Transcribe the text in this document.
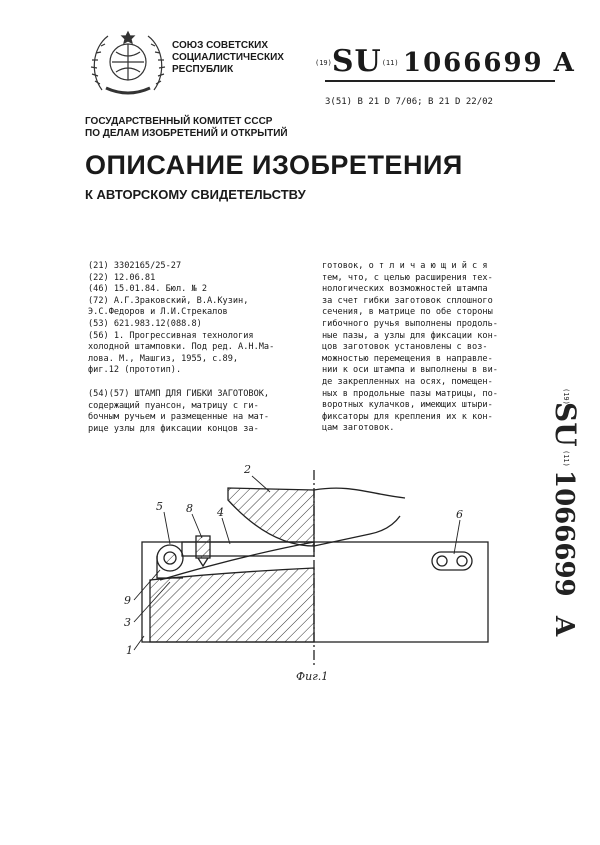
СОЮЗ СОВЕТСКИХ
СОЦИАЛИСТИЧЕСКИХ
РЕСПУБЛИК
$^{(19)}$SU$^{(11)}$ 1066699 A
3(51) В 21 D 7/06; В 21 D 22/02
ГОСУДАРСТВЕННЫЙ КОМИТЕТ СССР
ПО ДЕЛАМ ИЗОБРЕТЕНИЙ И ОТКРЫТИЙ
ОПИСАНИЕ ИЗОБРЕТЕНИЯ
К АВТОРСКОМУ СВИДЕТЕЛЬСТВУ
(21) 3302165/25-27
(22) 12.06.81
(46) 15.01.84. Бюл. № 2
(72) А.Г.Зраковский, В.А.Кузин,
Э.С.Федоров и Л.И.Стрекалов
(53) 621.983.12(088.8)
(56) 1. Прогрессивная технология
холодной штамповки. Под ред. А.Н.Ма-
лова. М., Машгиз, 1955, с.89,
фиг.12 (прототип).
(54)(57) ШТАМП ДЛЯ ГИБКИ ЗАГОТОВОК,
содержащий пуансон, матрицу с ги-
бочным ручьем и размещенные на мат-
рице узлы для фиксации концов за-
готовок, о т л и ч а ю щ и й с я
тем, что, с целью расширения тех-
нологических возможностей штампа
за счет гибки заготовок сплошного
сечения, в матрице по обе стороны
гибочного ручья выполнены продоль-
ные пазы, а узлы для фиксации кон-
цов заготовок установлены с воз-
можностью перемещения в направле-
нии к оси штампа и выполнены в ви-
де закрепленных на осях, помещен-
ных в продольные пазы матрицы, по-
воротных кулачков, имеющих штыри-
фиксаторы для крепления их к кон-
цам заготовок.
(19)
SU
(11)
1066699
A
2
5 8 4	6
9
3
1
Фиг.1
